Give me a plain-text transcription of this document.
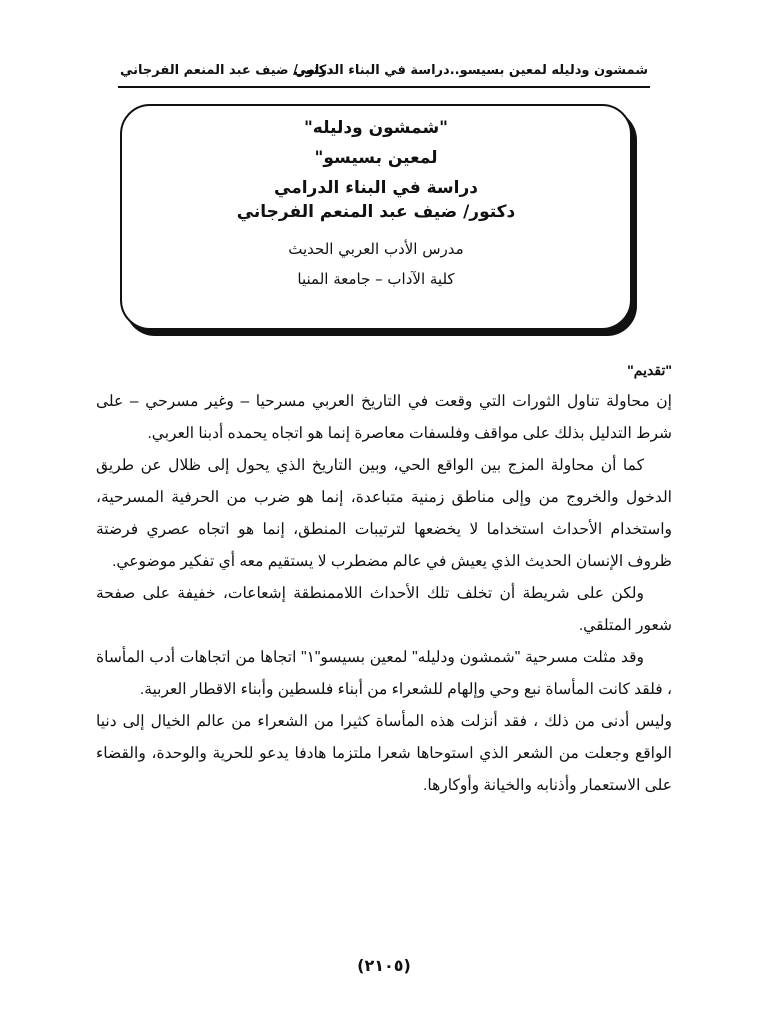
شمشون ودليله لمعين بسيسو..دراسة في البناء الدرامي
دكتور/ ضيف عبد المنعم الفرجاني
"شمشون ودليله"
لمعين بسيسو"
دراسة في البناء الدرامي
دكتور/ ضيف عبد المنعم الفرجاني
مدرس الأدب العربي الحديث
كلية الآداب – جامعة المنيا

"تقديم"

إن محاولة تناول الثورات التي وقعت في التاريخ العربي مسرحيا – وغير مسرحي – على شرط التدليل بذلك على مواقف وفلسفات معاصرة إنما هو اتجاه يحمده أدبنا العربي.

كما أن محاولة المزج بين الواقع الحي، وبين التاريخ الذي يحول إلى ظلال عن طريق الدخول والخروج من وإلى مناطق زمنية متباعدة، إنما هو ضرب من الحرفية المسرحية، واستخدام الأحداث استخداما لا يخضعها لترتيبات المنطق، إنما هو اتجاه عصري فرضتة ظروف الإنسان الحديث الذي يعيش في عالم مضطرب لا يستقيم معه أي تفكير موضوعي.

ولكن على شريطة أن تخلف تلك الأحداث اللاممنطقة إشعاعات، خفيفة على صفحة شعور المتلقي.

وقد مثلت مسرحية "شمشون ودليله" لمعين بسيسو"١" اتجاها من اتجاهات أدب المأساة ، فلقد كانت المأساة نبع وحي وإلهام للشعراء من أبناء فلسطين وأبناء الاقطار العربية.

وليس أدنى من ذلك ، فقد أنزلت هذه المأساة كثيرا من الشعراء من عالم الخيال إلى دنيا الواقع وجعلت من الشعر الذي استوحاها شعرا ملتزما هادفا يدعو للحرية والوحدة، والقضاء على الاستعمار وأذنابه والخيانة وأوكارها.

(٢١٠٥)
